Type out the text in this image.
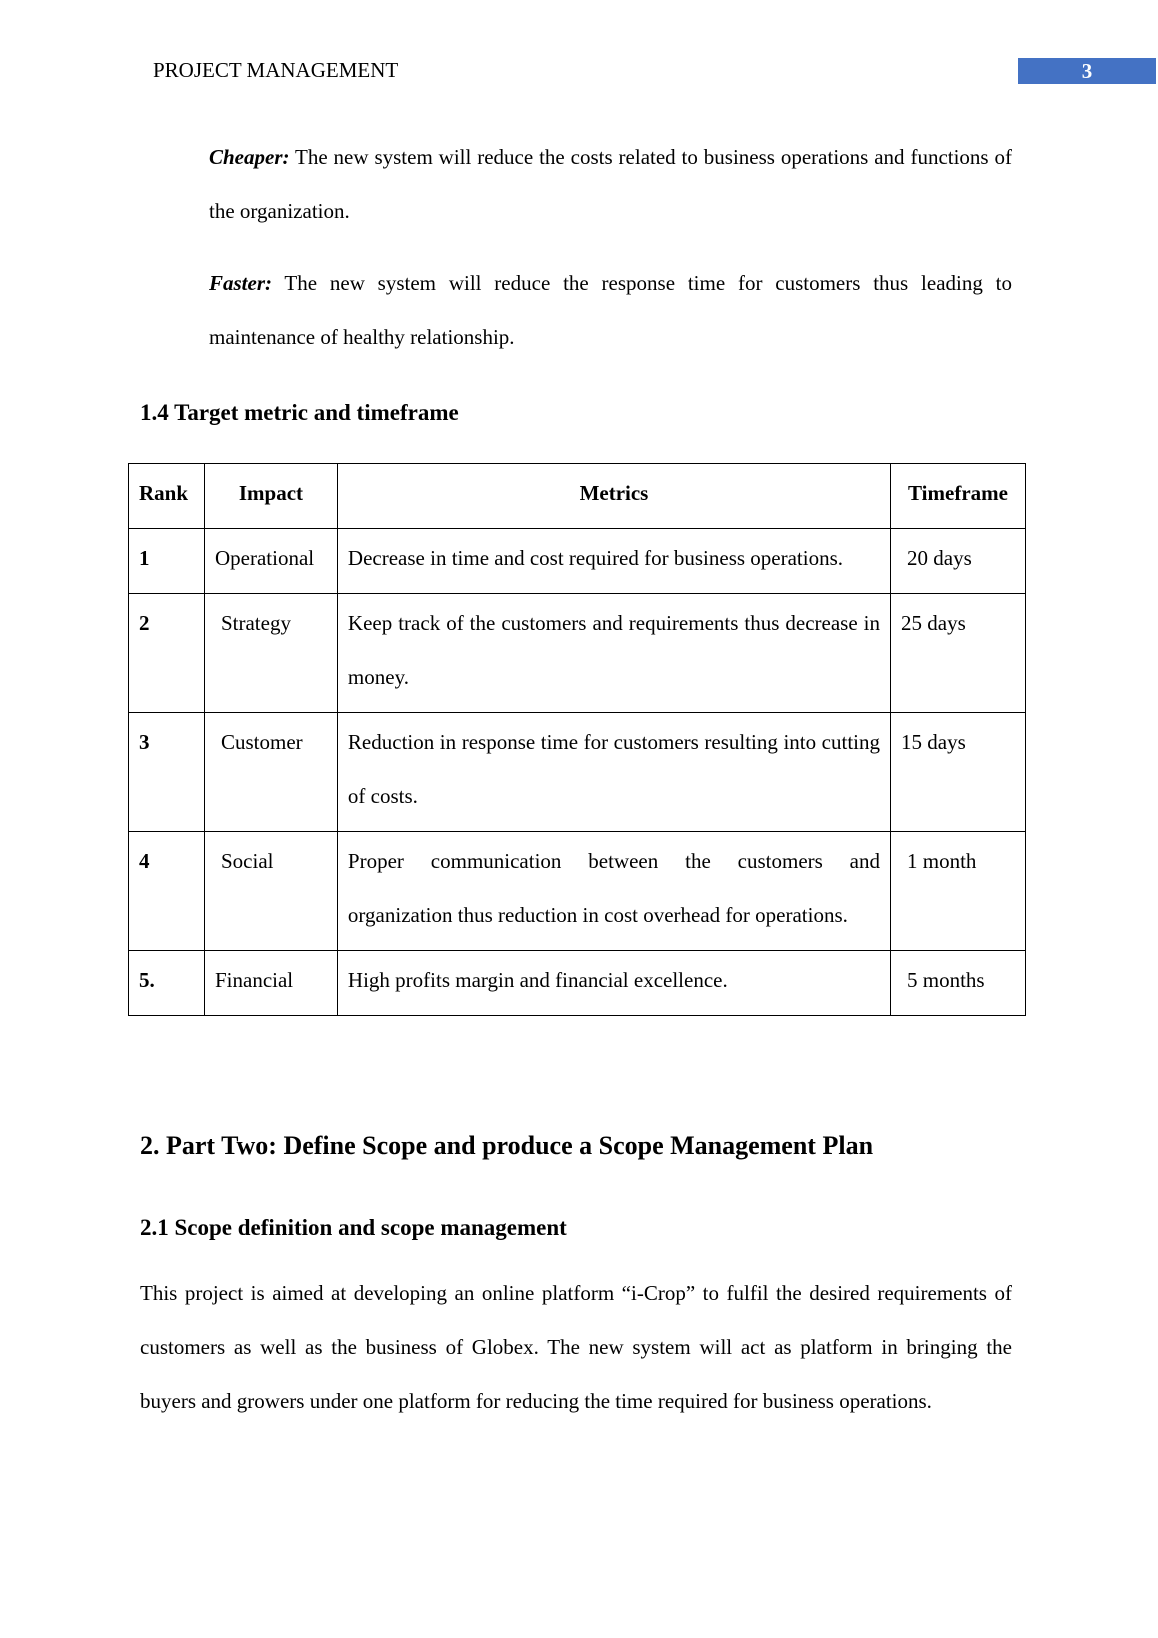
PROJECT MANAGEMENT	3
Cheaper: The new system will reduce the costs related to business operations and functions of the organization.
Faster: The new system will reduce the response time for customers thus leading to maintenance of healthy relationship.
1.4 Target metric and timeframe
Rank	Impact	Metrics	Timeframe
1	Operational	Decrease in time and cost required for business operations.	20 days
2	Strategy	Keep track of the customers and requirements thus decrease in money.	25 days
3	Customer	Reduction in response time for customers resulting into cutting of costs.	15 days
4	Social	Proper communication between the customers and organization thus reduction in cost overhead for operations.	1 month
5.	Financial	High profits margin and financial excellence.	5 months
2. Part Two: Define Scope and produce a Scope Management Plan
2.1 Scope definition and scope management
This project is aimed at developing an online platform “i-Crop” to fulfil the desired requirements of customers as well as the business of Globex. The new system will act as platform in bringing the buyers and growers under one platform for reducing the time required for business operations.
